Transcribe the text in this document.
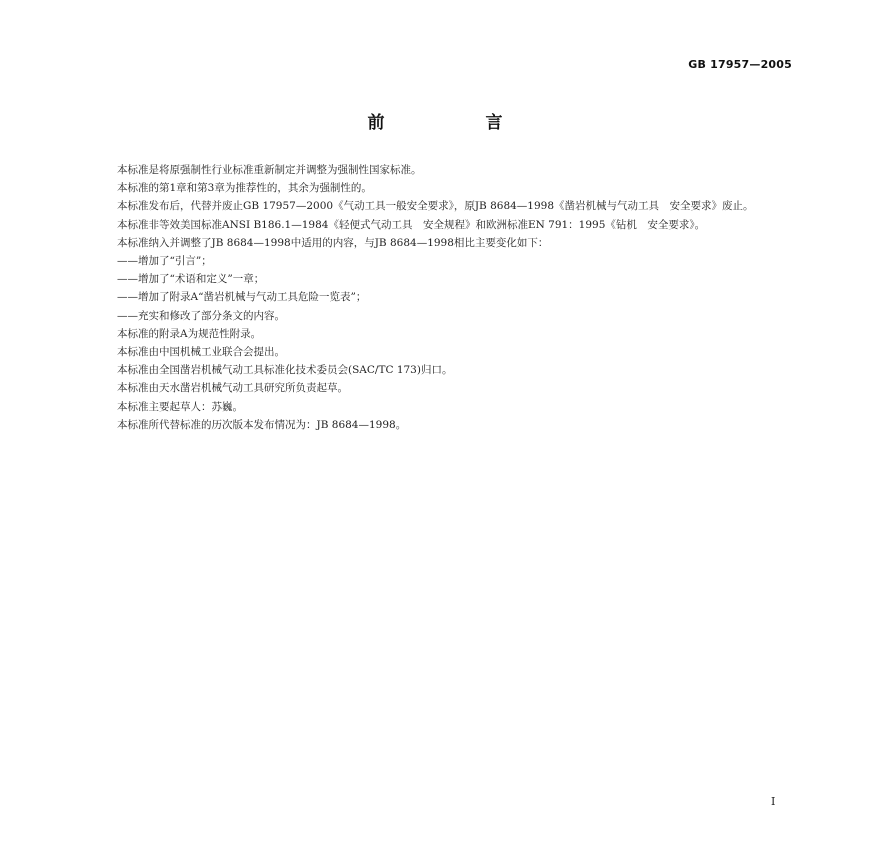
GB 17957—2005
前　言

本标准是将原强制性行业标准重新制定并调整为强制性国家标准。

本标准的第1章和第3章为推荐性的，其余为强制性的。

本标准发布后，代替并废止GB 17957—2000《气动工具一般安全要求》，原JB 8684—1998《凿岩机械与气动工具　安全要求》废止。

本标准非等效美国标准ANSI B186.1—1984《轻便式气动工具　安全规程》和欧洲标准EN 791：1995《钻机　安全要求》。

本标准纳入并调整了JB 8684—1998中适用的内容，与JB 8684—1998相比主要变化如下：

——增加了“引言”；

——增加了“术语和定义”一章；

——增加了附录A“凿岩机械与气动工具危险一览表”；

——充实和修改了部分条文的内容。

本标准的附录A为规范性附录。

本标准由中国机械工业联合会提出。

本标准由全国凿岩机械气动工具标准化技术委员会(SAC/TC 173)归口。

本标准由天水凿岩机械气动工具研究所负责起草。

本标准主要起草人：苏巍。

本标准所代替标准的历次版本发布情况为：JB 8684—1998。

I
